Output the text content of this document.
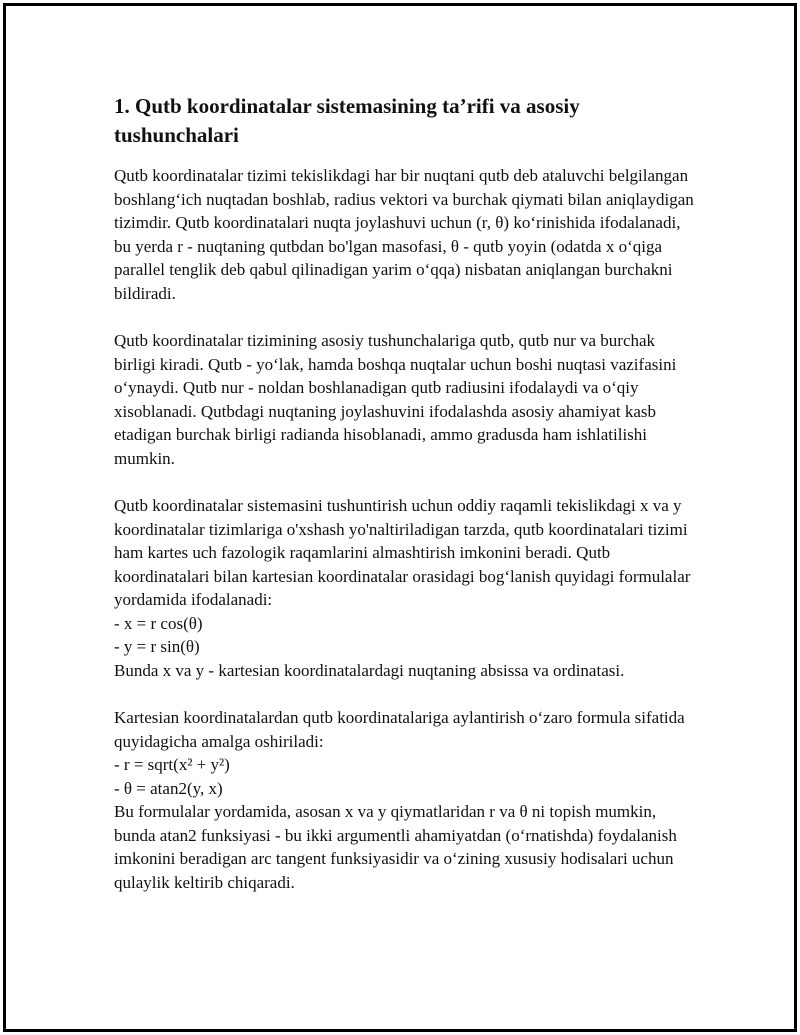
1. Qutb koordinatalar sistemasining ta’rifi va asosiy tushunchalari
Qutb koordinatalar tizimi tekislikdagi har bir nuqtani qutb deb ataluvchi belgilangan boshlang‘ich nuqtadan boshlab, radius vektori va burchak qiymati bilan aniqlaydigan tizimdir. Qutb koordinatalari nuqta joylashuvi uchun (r, θ) ko‘rinishida ifodalanadi, bu yerda r - nuqtaning qutbdan bo'lgan masofasi, θ - qutb yoyin (odatda x o‘qiga parallel tenglik deb qabul qilinadigan yarim o‘qqa) nisbatan aniqlangan burchakni bildiradi.
Qutb koordinatalar tizimining asosiy tushunchalariga qutb, qutb nur va burchak birligi kiradi. Qutb - yo‘lak, hamda boshqa nuqtalar uchun boshi nuqtasi vazifasini o‘ynaydi. Qutb nur - noldan boshlanadigan qutb radiusini ifodalaydi va o‘qiy xisoblanadi. Qutbdagi nuqtaning joylashuvini ifodalashda asosiy ahamiyat kasb etadigan burchak birligi radianda hisoblanadi, ammo gradusda ham ishlatilishi mumkin.
Qutb koordinatalar sistemasini tushuntirish uchun oddiy raqamli tekislikdagi x va y koordinatalar tizimlariga o'xshash yo'naltiriladigan tarzda, qutb koordinatalari tizimi ham kartes uch fazologik raqamlarini almashtirish imkonini beradi. Qutb koordinatalari bilan kartesian koordinatalar orasidagi bog‘lanish quyidagi formulalar yordamida ifodalanadi:
- x = r cos(θ)
- y = r sin(θ)
Bunda x va y - kartesian koordinatalardagi nuqtaning absissa va ordinatasi.
Kartesian koordinatalardan qutb koordinatalariga aylantirish o‘zaro formula sifatida quyidagicha amalga oshiriladi:
- r = sqrt(x² + y²)
- θ = atan2(y, x)
Bu formulalar yordamida, asosan x va y qiymatlaridan r va θ ni topish mumkin, bunda atan2 funksiyasi - bu ikki argumentli ahamiyatdan (o‘rnatishda) foydalanish imkonini beradigan arc tangent funksiyasidir va o‘zining xususiy hodisalari uchun qulaylik keltirib chiqaradi.
